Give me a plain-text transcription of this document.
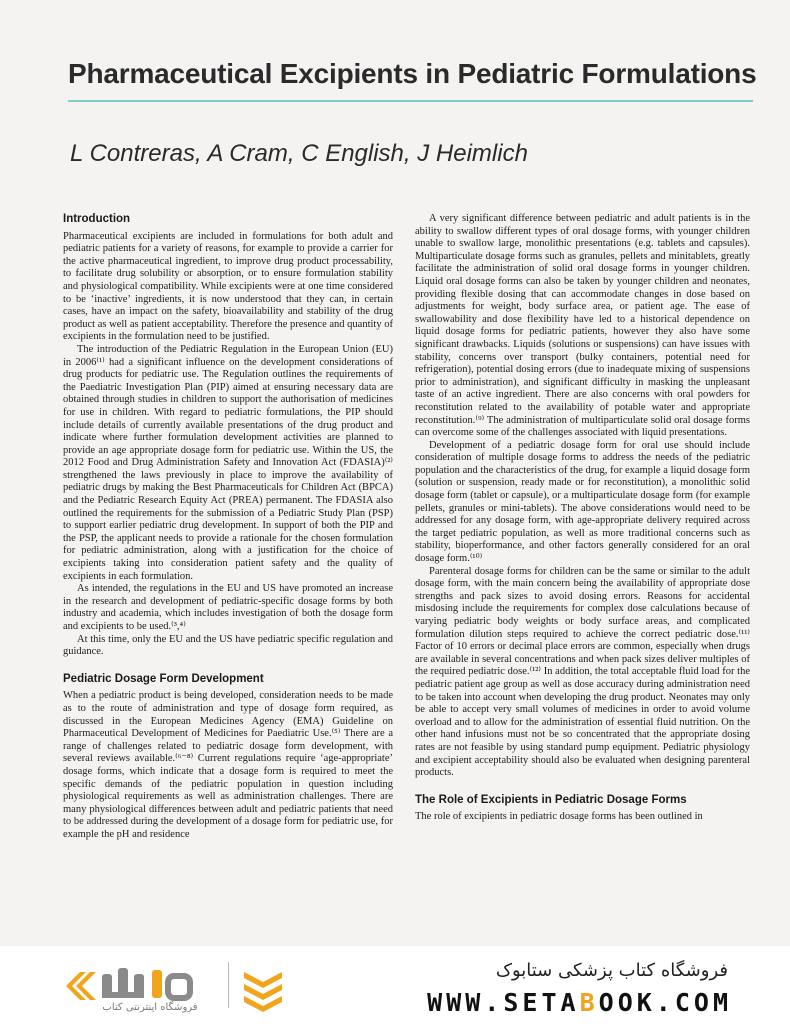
Pharmaceutical Excipients in Pediatric Formulations
L Contreras, A Cram, C English, J Heimlich
Introduction

Pharmaceutical excipients are included in formulations for both adult and pediatric patients for a variety of reasons, for example to provide a carrier for the active pharmaceutical ingredient, to improve drug product processability, to facilitate drug solubility or absorption, or to ensure formulation stability and physiological compatibility. While excipients were at one time considered to be ‘inactive’ ingredients, it is now understood that they can, in certain cases, have an impact on the safety, bioavailability and stability of the drug product as well as patient acceptability. Therefore the presence and quantity of excipients in the formulation need to be justified.

The introduction of the Pediatric Regulation in the European Union (EU) in 2006⁽¹⁾ had a significant influence on the development considerations of drug products for pediatric use. The Regulation outlines the requirements of the Paediatric Investigation Plan (PIP) aimed at ensuring necessary data are obtained through studies in children to support the authorisation of medicines for use in children. With regard to pediatric formulations, the PIP should include details of currently available presentations of the drug product and indicate where further formulation development activities are planned to provide an age appropriate dosage form for pediatric use. Within the US, the 2012 Food and Drug Administration Safety and Innovation Act (FDASIA)⁽²⁾ strengthened the laws previously in place to improve the availability of pediatric drugs by making the Best Pharmaceuticals for Children Act (BPCA) and the Pediatric Research Equity Act (PREA) permanent. The FDASIA also outlined the requirements for the submission of a Pediatric Study Plan (PSP) to support earlier pediatric drug development. In support of both the PIP and the PSP, the applicant needs to provide a rationale for the chosen formulation for pediatric administration, along with a justification for the choice of excipients taking into consideration patient safety and the quality of excipients in each formulation.

As intended, the regulations in the EU and US have promoted an increase in the research and development of pediatric-specific dosage forms by both industry and academia, which includes investigation of both the dosage form and excipients to be used.⁽³,⁴⁾

At this time, only the EU and the US have pediatric specific regulation and guidance.

Pediatric Dosage Form Development

When a pediatric product is being developed, consideration needs to be made as to the route of administration and type of dosage form required, as discussed in the European Medicines Agency (EMA) Guideline on Pharmaceutical Development of Medicines for Paediatric Use.⁽⁵⁾ There are a range of challenges related to pediatric dosage form development, with several reviews available.⁽⁶⁻⁸⁾ Current regulations require ‘age-appropriate’ dosage forms, which indicate that a dosage form is required to meet the specific demands of the pediatric population in question including physiological requirements as well as administration challenges. There are many physiological differences between adult and pediatric patients that need to be addressed during the development of a dosage form for pediatric use, for example the pH and residence

A very significant difference between pediatric and adult patients is in the ability to swallow different types of oral dosage forms, with younger children unable to swallow large, monolithic presentations (e.g. tablets and capsules). Multiparticulate dosage forms such as granules, pellets and minitablets, greatly facilitate the administration of solid oral dosage forms in younger children. Liquid oral dosage forms can also be taken by younger children and neonates, providing flexible dosing that can accommodate changes in dose based on adjustments for weight, body surface area, or patient age. The ease of swallowability and dose flexibility have led to a historical dependence on liquid dosage forms for pediatric patients, however they also have some significant drawbacks. Liquids (solutions or suspensions) can have issues with stability, concerns over transport (bulky containers, potential need for refrigeration), potential dosing errors (due to inadequate mixing of suspensions prior to administration), and significant difficulty in masking the unpleasant taste of an active ingredient. There are also concerns with oral powders for reconstitution related to the availability of potable water and appropriate reconstitution.⁽⁹⁾ The administration of multiparticulate solid oral dosage forms can overcome some of the challenges associated with liquid presentations.

Development of a pediatric dosage form for oral use should include consideration of multiple dosage forms to address the needs of the pediatric population and the characteristics of the drug, for example a liquid dosage form (solution or suspension, ready made or for reconstitution), a monolithic solid dosage form (tablet or capsule), or a multiparticulate dosage form (for example pellets, granules or mini-tablets). The above considerations would need to be addressed for any dosage form, with age-appropriate delivery required across the target pediatric population, as well as more traditional concerns such as stability, bioperformance, and other factors generally considered for an oral dosage form.⁽¹⁰⁾

Parenteral dosage forms for children can be the same or similar to the adult dosage form, with the main concern being the availability of appropriate dose strengths and pack sizes to avoid dosing errors. Reasons for accidental misdosing include the requirements for complex dose calculations because of varying pediatric body weights or body surface areas, and complicated formulation dilution steps required to achieve the correct pediatric dose.⁽¹¹⁾ Factor of 10 errors or decimal place errors are common, especially when drugs are available in several concentrations and when pack sizes deliver multiples of the required pediatric dose.⁽¹²⁾ In addition, the total acceptable fluid load for the pediatric patient age group as well as dose accuracy during administration need to be taken into account when developing the drug product. Neonates may only be able to accept very small volumes of medicines in order to avoid volume overload and to allow for the administration of essential fluid nutrition. On the other hand infusions must not be so concentrated that the appropriate dosing rates are not feasible by using standard pump equipment. Pediatric physiology and excipient acceptability should also be evaluated when designing parenteral products.

The Role of Excipients in Pediatric Dosage Forms

The role of excipients in pediatric dosage forms has been outlined in

فروشگاه اینترنتی کتاب
فروشگاه کتاب پزشکی ستابوک
WWW.SETABOOK.COM
